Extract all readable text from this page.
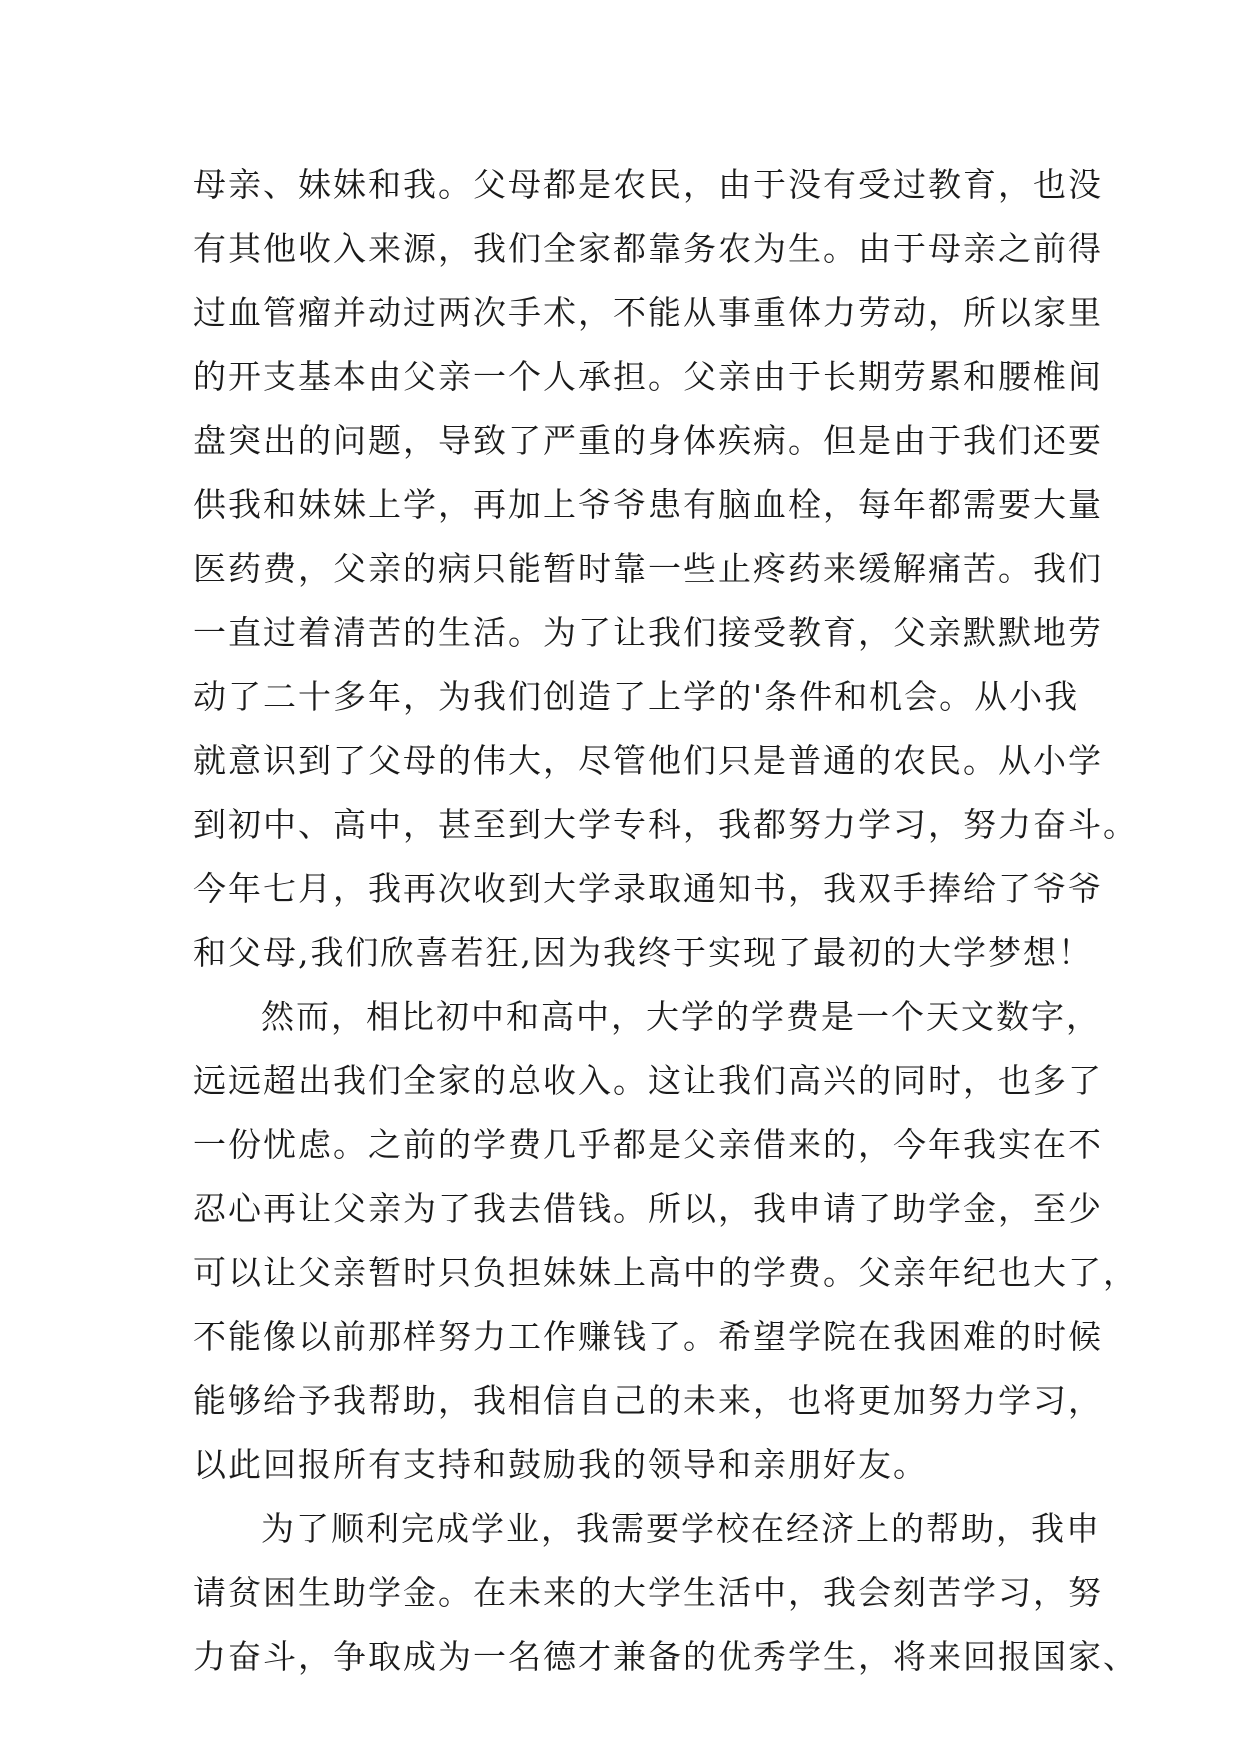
母亲、妹妹和我。父母都是农民，由于没有受过教育，也没
有其他收入来源，我们全家都靠务农为生。由于母亲之前得
过血管瘤并动过两次手术，不能从事重体力劳动，所以家里
的开支基本由父亲一个人承担。父亲由于长期劳累和腰椎间
盘突出的问题，导致了严重的身体疾病。但是由于我们还要
供我和妹妹上学，再加上爷爷患有脑血栓，每年都需要大量
医药费，父亲的病只能暂时靠一些止疼药来缓解痛苦。我们
一直过着清苦的生活。为了让我们接受教育，父亲默默地劳
动了二十多年，为我们创造了上学的'条件和机会。从小我
就意识到了父母的伟大，尽管他们只是普通的农民。从小学
到初中、高中，甚至到大学专科，我都努力学习，努力奋斗。
今年七月，我再次收到大学录取通知书，我双手捧给了爷爷
和父母,我们欣喜若狂,因为我终于实现了最初的大学梦想！
然而，相比初中和高中，大学的学费是一个天文数字，
远远超出我们全家的总收入。这让我们高兴的同时，也多了
一份忧虑。之前的学费几乎都是父亲借来的，今年我实在不
忍心再让父亲为了我去借钱。所以，我申请了助学金，至少
可以让父亲暂时只负担妹妹上高中的学费。父亲年纪也大了，
不能像以前那样努力工作赚钱了。希望学院在我困难的时候
能够给予我帮助，我相信自己的未来，也将更加努力学习，
以此回报所有支持和鼓励我的领导和亲朋好友。
为了顺利完成学业，我需要学校在经济上的帮助，我申
请贫困生助学金。在未来的大学生活中，我会刻苦学习，努
力奋斗，争取成为一名德才兼备的优秀学生，将来回报国家、
